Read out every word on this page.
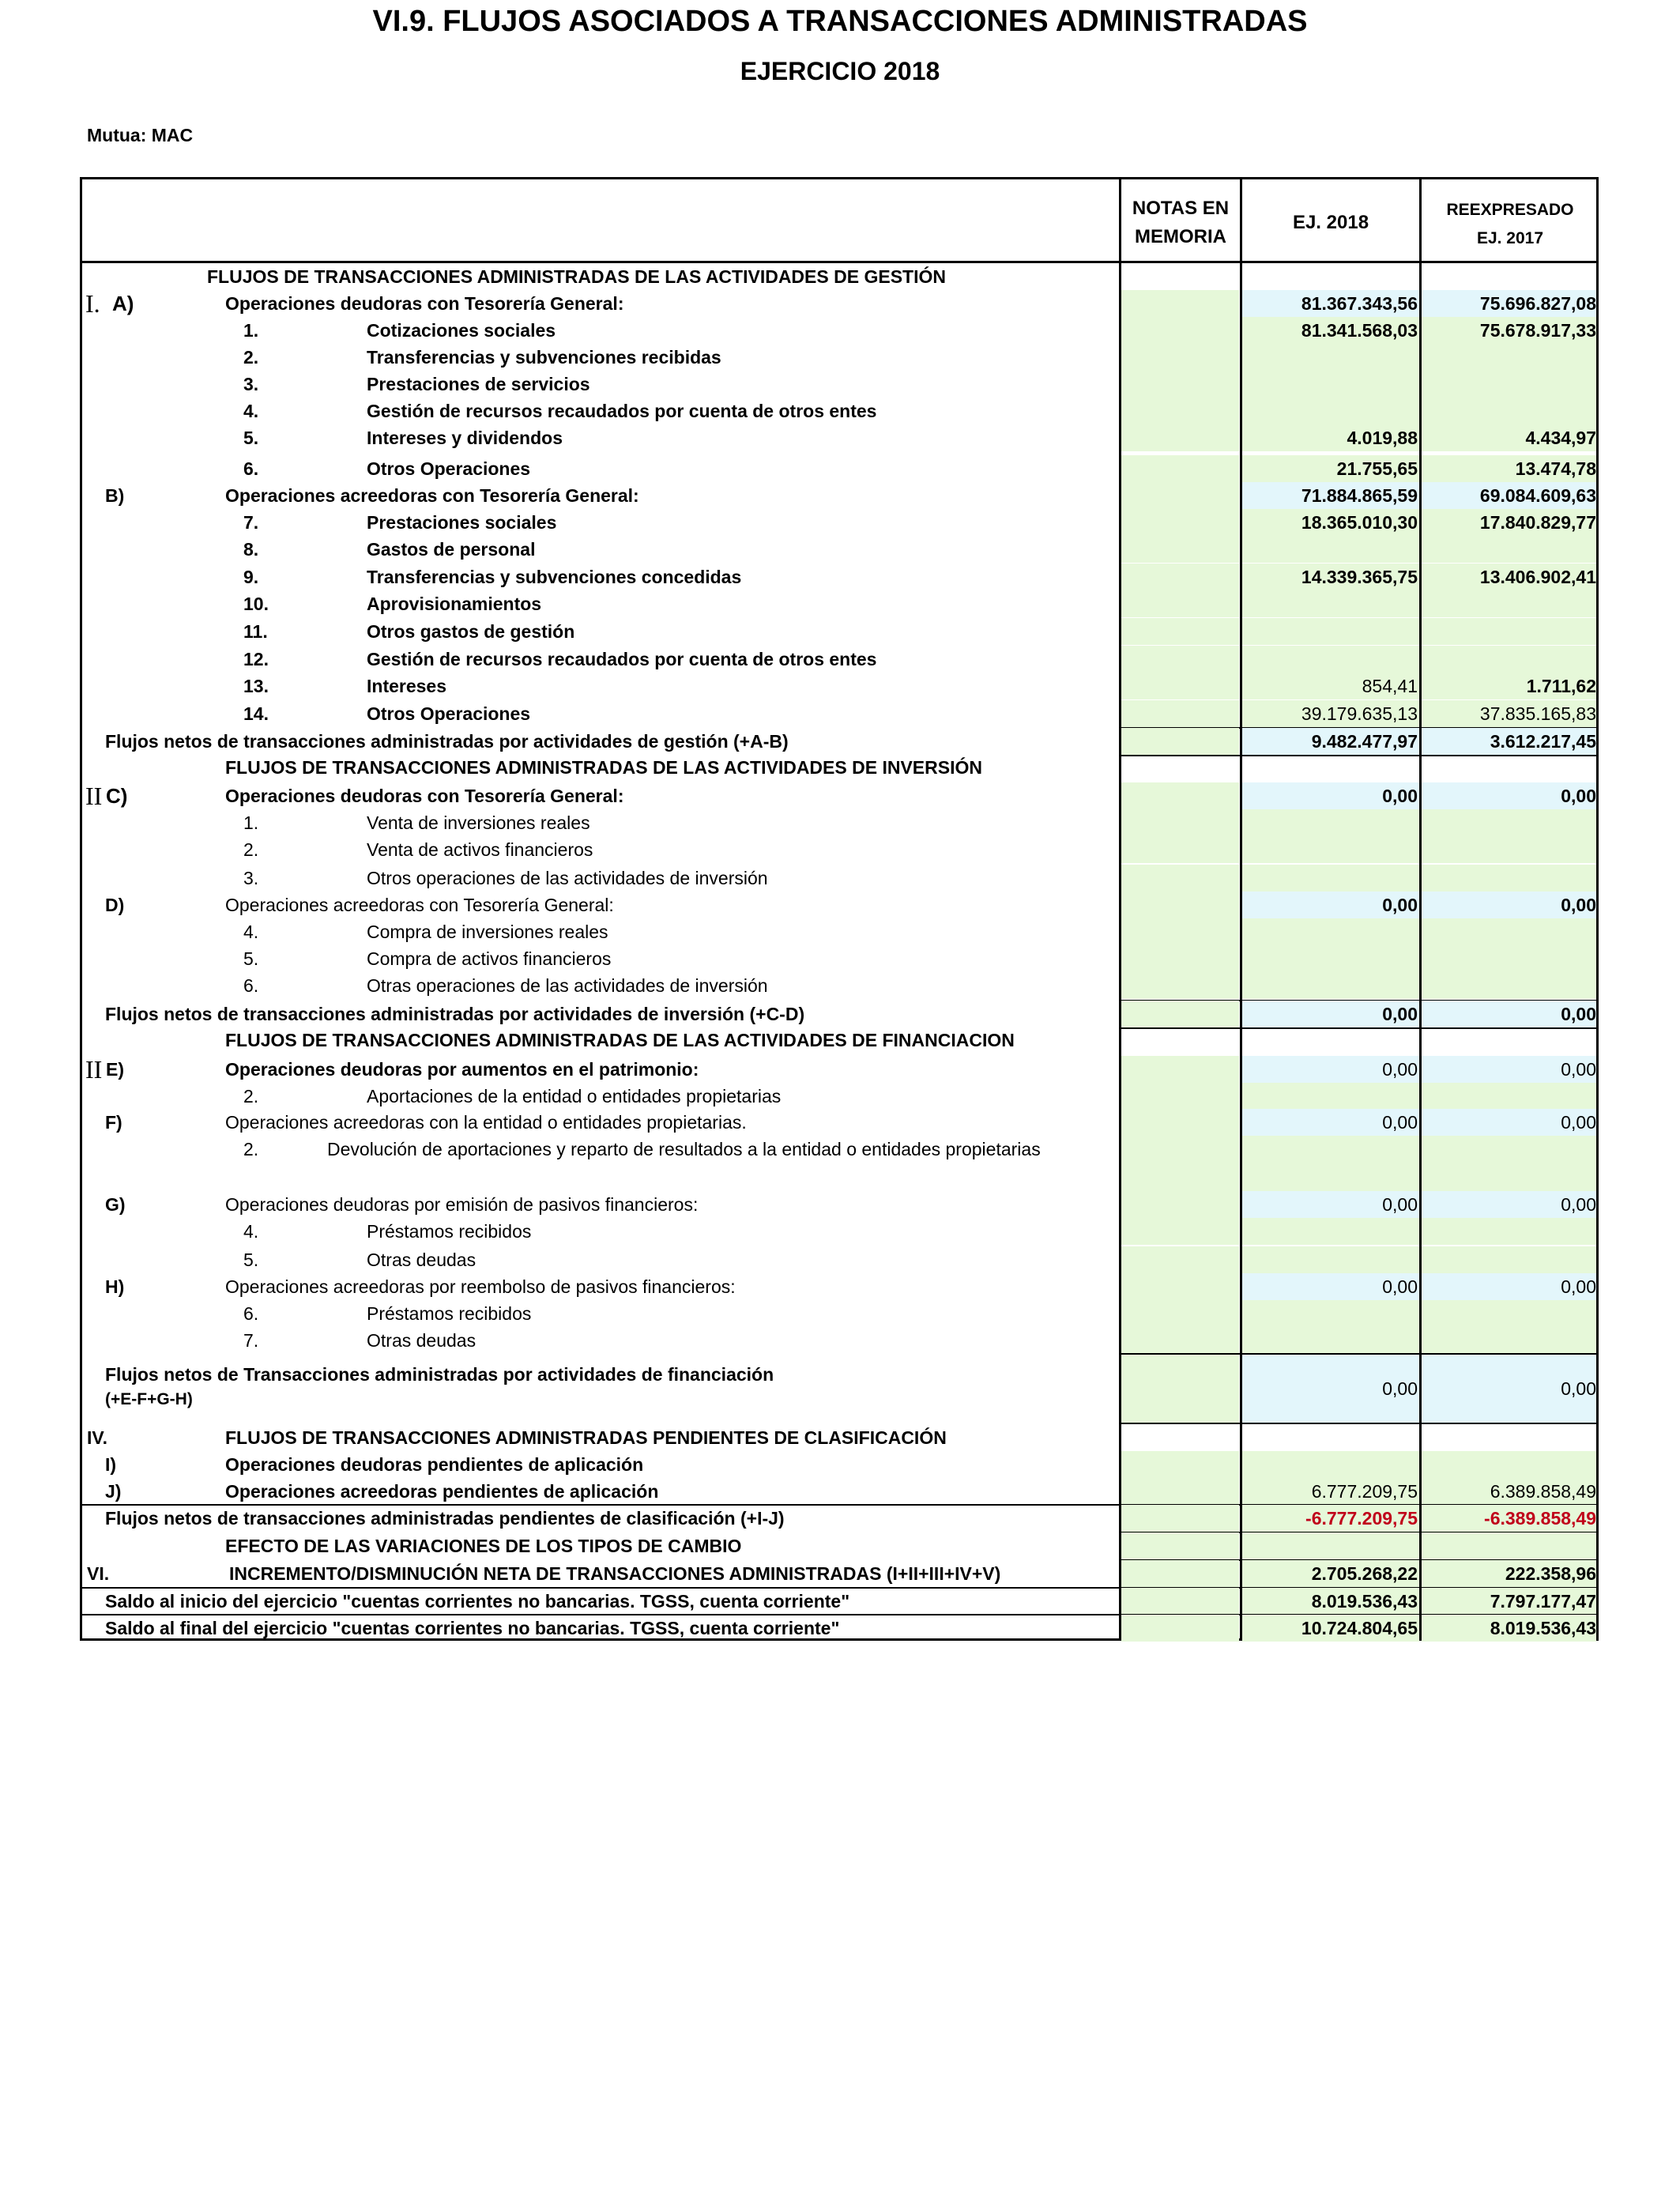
VI.9. FLUJOS ASOCIADOS A TRANSACCIONES ADMINISTRADAS
EJERCICIO 2018
Mutua: MAC
NOTAS EN
MEMORIA
EJ. 2018
REEXPRESADO
EJ. 2017
FLUJOS DE TRANSACCIONES ADMINISTRADAS DE LAS ACTIVIDADES DE GESTIÓN
I. A)	Operaciones deudoras con Tesorería General:	81.367.343,56	75.696.827,08
1.	Cotizaciones sociales	81.341.568,03	75.678.917,33
2.	Transferencias y subvenciones recibidas
3.	Prestaciones de servicios
4.	Gestión de recursos recaudados por cuenta de otros entes
5.	Intereses y dividendos	4.019,88	4.434,97
6.	Otros Operaciones	21.755,65	13.474,78
B)	Operaciones acreedoras con Tesorería General:	71.884.865,59	69.084.609,63
7.	Prestaciones sociales	18.365.010,30	17.840.829,77
8.	Gastos de personal
9.	Transferencias y subvenciones concedidas	14.339.365,75	13.406.902,41
10.	Aprovisionamientos
11.	Otros gastos de gestión
12.	Gestión de recursos recaudados por cuenta de otros entes
13.	Intereses	854,41	1.711,62
14.	Otros Operaciones	39.179.635,13	37.835.165,83
Flujos netos de transacciones administradas por actividades de gestión (+A-B)	9.482.477,97	3.612.217,45
FLUJOS DE TRANSACCIONES ADMINISTRADAS DE LAS ACTIVIDADES DE INVERSIÓN
II C)	Operaciones deudoras con Tesorería General:	0,00	0,00
1.	Venta de inversiones reales
2.	Venta de activos financieros
3.	Otros operaciones de las actividades de inversión
D)	Operaciones acreedoras con Tesorería General:	0,00	0,00
4.	Compra de inversiones reales
5.	Compra de activos financieros
6.	Otras operaciones de las actividades de inversión
Flujos netos de transacciones administradas por actividades de inversión (+C-D)	0,00	0,00
FLUJOS DE TRANSACCIONES ADMINISTRADAS DE LAS ACTIVIDADES DE FINANCIACION
II E)	Operaciones deudoras por aumentos en el patrimonio:	0,00	0,00
2.	Aportaciones de la entidad o entidades propietarias
F)	Operaciones acreedoras con la entidad o entidades propietarias.	0,00	0,00
2.	Devolución de aportaciones y reparto de resultados a la entidad o entidades propietarias
G)	Operaciones deudoras por emisión de pasivos financieros:	0,00	0,00
4.	Préstamos recibidos
5.	Otras deudas
H)	Operaciones acreedoras por reembolso de pasivos financieros:	0,00	0,00
6.	Préstamos recibidos
7.	Otras deudas
Flujos netos de Transacciones administradas por actividades de financiación
(+E-F+G-H)
0,00	0,00
IV.	FLUJOS DE TRANSACCIONES ADMINISTRADAS PENDIENTES DE CLASIFICACIÓN
I)	Operaciones deudoras pendientes de aplicación
J)	Operaciones acreedoras pendientes de aplicación	6.777.209,75	6.389.858,49
Flujos netos de transacciones administradas pendientes de clasificación (+I-J)	-6.777.209,75	-6.389.858,49
EFECTO DE LAS VARIACIONES DE LOS TIPOS DE CAMBIO
VI.	INCREMENTO/DISMINUCIÓN NETA DE TRANSACCIONES ADMINISTRADAS (I+II+III+IV+V)	2.705.268,22	222.358,96
Saldo al inicio del ejercicio "cuentas corrientes no bancarias. TGSS, cuenta corriente"	8.019.536,43	7.797.177,47
Saldo al final del ejercicio "cuentas corrientes no bancarias. TGSS, cuenta corriente"	10.724.804,65	8.019.536,43
